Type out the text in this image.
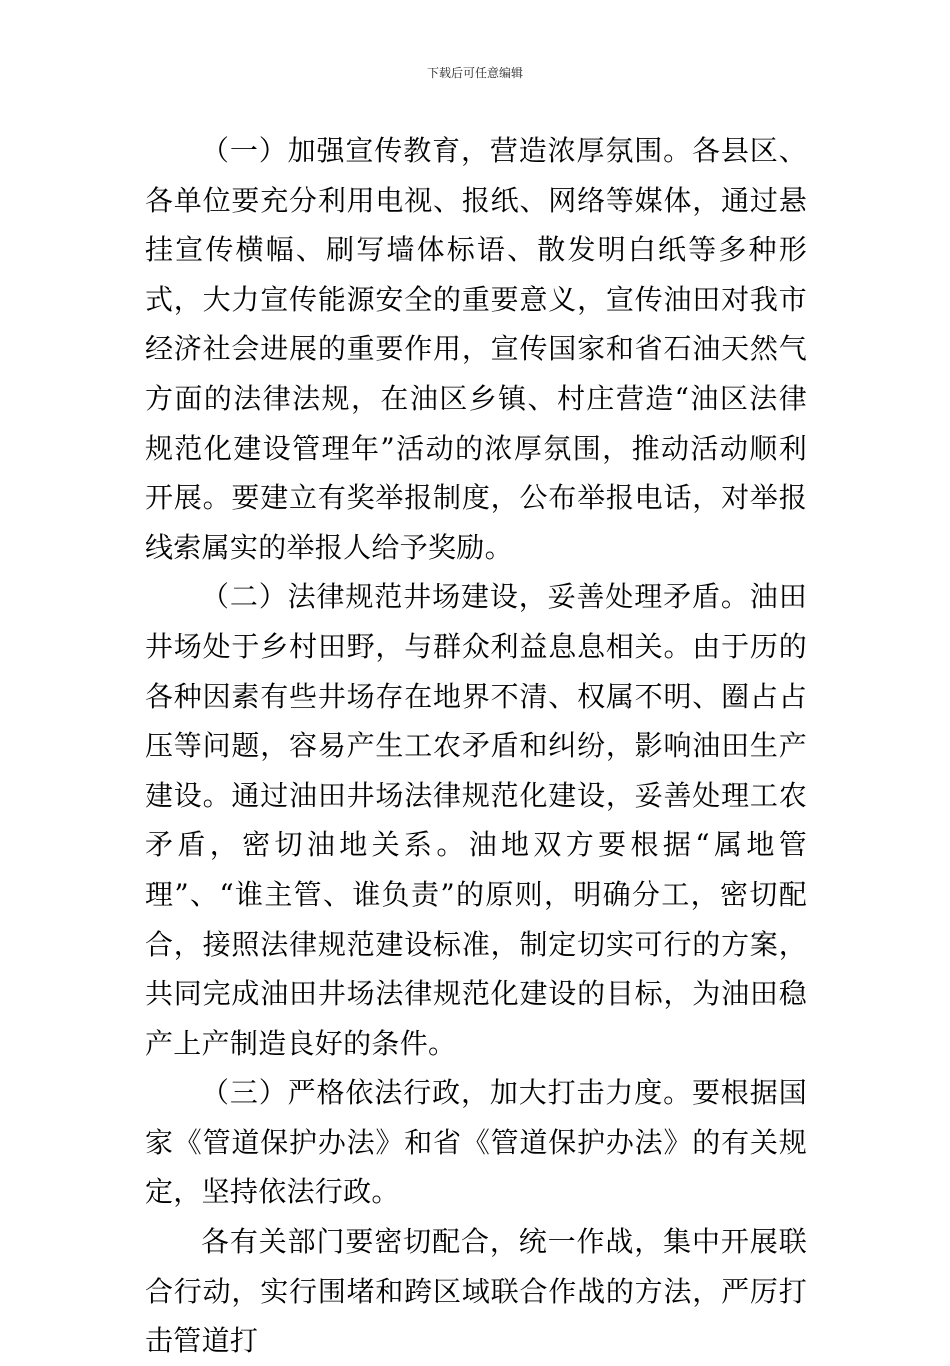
下载后可任意编辑

（一）加强宣传教育，营造浓厚氛围。各县区、各单位要充分利用电视、报纸、网络等媒体，通过悬挂宣传横幅、刷写墙体标语、散发明白纸等多种形式，大力宣传能源安全的重要意义，宣传油田对我市经济社会进展的重要作用，宣传国家和省石油天然气方面的法律法规，在油区乡镇、村庄营造“油区法律规范化建设管理年”活动的浓厚氛围，推动活动顺利开展。要建立有奖举报制度，公布举报电话，对举报线索属实的举报人给予奖励。

（二）法律规范井场建设，妥善处理矛盾。油田井场处于乡村田野，与群众利益息息相关。由于历的各种因素有些井场存在地界不清、权属不明、圈占占压等问题，容易产生工农矛盾和纠纷，影响油田生产建设。通过油田井场法律规范化建设，妥善处理工农矛盾，密切油地关系。油地双方要根据“属地管理”、“谁主管、谁负责”的原则，明确分工，密切配合，接照法律规范建设标准，制定切实可行的方案，共同完成油田井场法律规范化建设的目标，为油田稳产上产制造良好的条件。

（三）严格依法行政，加大打击力度。要根据国家《管道保护办法》和省《管道保护办法》的有关规定，坚持依法行政。

各有关部门要密切配合，统一作战，集中开展联合行动，实行围堵和跨区域联合作战的方法，严厉打击管道打
